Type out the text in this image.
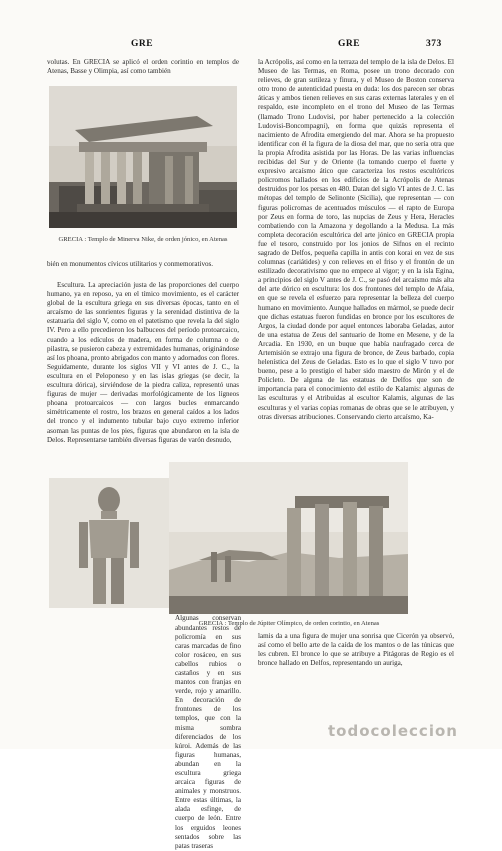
GRE	GRE	373
volutas. En GRECIA se aplicó el orden corintio en templos de Atenas, Basse y Olimpia, así como también
GRECIA : Templo de Minerva Nike, de orden jónico, en Atenas
bién en monumentos cívicos utilitarios y conmemorativos.
Escultura. La apreciación justa de las proporciones del cuerpo humano, ya en reposo, ya en el tímico movimiento, es el carácter global de la escultura griega en sus diversas épocas, tanto en el arcaísmo de las sonrientes figuras y la serenidad distintiva de la estatuaria del siglo V, como en el patetismo que revela la del siglo IV. Pero a ello precedieron los balbuceos del período protoarcaico, cuando a los edículos de madera, en forma de columna o de pilastra, se pusieron cabeza y extremidades humanas, originándose así los phoana, pronto abrigados con manto y adornados con flores. Seguidamente, durante los siglos VII y VI antes de J. C., la escultura en el Peloponeso y en las islas griegas (se decir, la escultura dórica), sirviéndose de la piedra caliza, representó unas figuras de mujer — derivadas morfológicamente de los lígneos phoana protoarcaicos — con largos bucles enmarcando simétricamente el rostro, los brazos en general caídos a los lados del tronco y el indumento tubular bajo cuyo extremo inferior asoman las puntas de los pies, figuras que abundaron en la isla de Delos. Representarse también diversas figuras de varón desnudo,
Algunas conservan abundantes restos de policromía en sus caras marcadas de fino color rosáceo, en sus cabellos rubios o castaños y en sus mantos con franjas en verde, rojo y amarillo. En decoración de frontones de los templos, que con la misma sombra diferenciados de los kúroi. Además de las figuras humanas, abundan en la escultura griega arcaica figuras de animales y monstruos. Entre estas últimas, la alada esfinge, de cuerpo de león. Entre los erguidos leones sentados sobre las patas traseras
la Acrópolis, así como en la terraza del templo de la isla de Delos. El Museo de las Termas, en Roma, posee un trono decorado con relieves, de gran sutileza y finura, y el Museo de Boston conserva otro trono de autenticidad puesta en duda: los dos parecen ser obras áticas y ambos tienen relieves en sus caras externas laterales y en el respaldo, este incompleto en el trono del Museo de las Termas (llamado Trono Ludovisi, por haber pertenecido a la colección Ludovisi-Boncompagni), en forma que quizás representa el nacimiento de Afrodita emergiendo del mar. Ahora se ha propuesto identificar con él la figura de la diosa del mar, que no sería otra que la propia Afrodita asistida por las Horas. De las varias influencias recibidas del Sur y de Oriente (la tomando cuerpo el fuerte y expresivo arcaísmo ático que caracteriza los restos escultóricos policromos hallados en los edificios de la Acrópolis de Atenas destruidos por los persas en 480. Datan del siglo VI antes de J. C. las métopas del templo de Selinonte (Sicilia), que representan — con figuras policromas de acentuados músculos — el rapto de Europa por Zeus en forma de toro, las nupcias de Zeus y Hera, Heracles combatiendo con la Amazona y degollando a la Medusa. La más completa decoración escultórica del arte jónico en GRECIA propia fue el tesoro, construido por los jonios de Sifnos en el recinto sagrado de Delfos, pequeña capilla in antis con korai en vez de sus columnas (cariátides) y con relieves en el friso y el frontón de un estilizado decorativismo que no empece al vigor; y en la isla Egina, a principios del siglo V antes de J. C., se pasó del arcaísmo más alta del arte dórico en escultura: los dos frontones del templo de Afaia, en que se revela el esfuerzo para representar la belleza del cuerpo humano en movimiento. Aunque hallados en mármol, se puede decir que dichas estatuas fueron fundidas en bronce por los escultores de Argos, la ciudad donde por aquel entonces laboraba Geladas, autor de una estatua de Zeus del santuario de Itome en Mesene, y de la Arcadia. En 1930, en un buque que había naufragado cerca de Artemisión se extrajo una figura de bronce, de Zeus barbado, copia helenística del Zeus de Geladas. Esto es lo que el siglo V tuvo por bueno, pese a lo prestigio el haber sido maestro de Mirón y el de Policleto. De alguna de las estatuas de Delfos que son de importancia para el conocimiento del estilo de Kalamis: algunas de las esculturas y el Atribuidas al escultor Kalamis, algunas de las esculturas y el varias copias romanas de obras que se le atribuyen, y otras diversas atribuciones. Conservando cierto arcaísmo, Ka-
GRECIA : Templo de Júpiter Olímpico, de orden corintio, en Atenas
lamis da a una figura de mujer una sonrisa que Cicerón ya observó, así como el bello arte de la caída de los mantos o de las túnicas que les cubren. El bronce lo que se atribuye a Pitágoras de Regio es el bronce hallado en Delfos, representando un auriga,
todocoleccion
